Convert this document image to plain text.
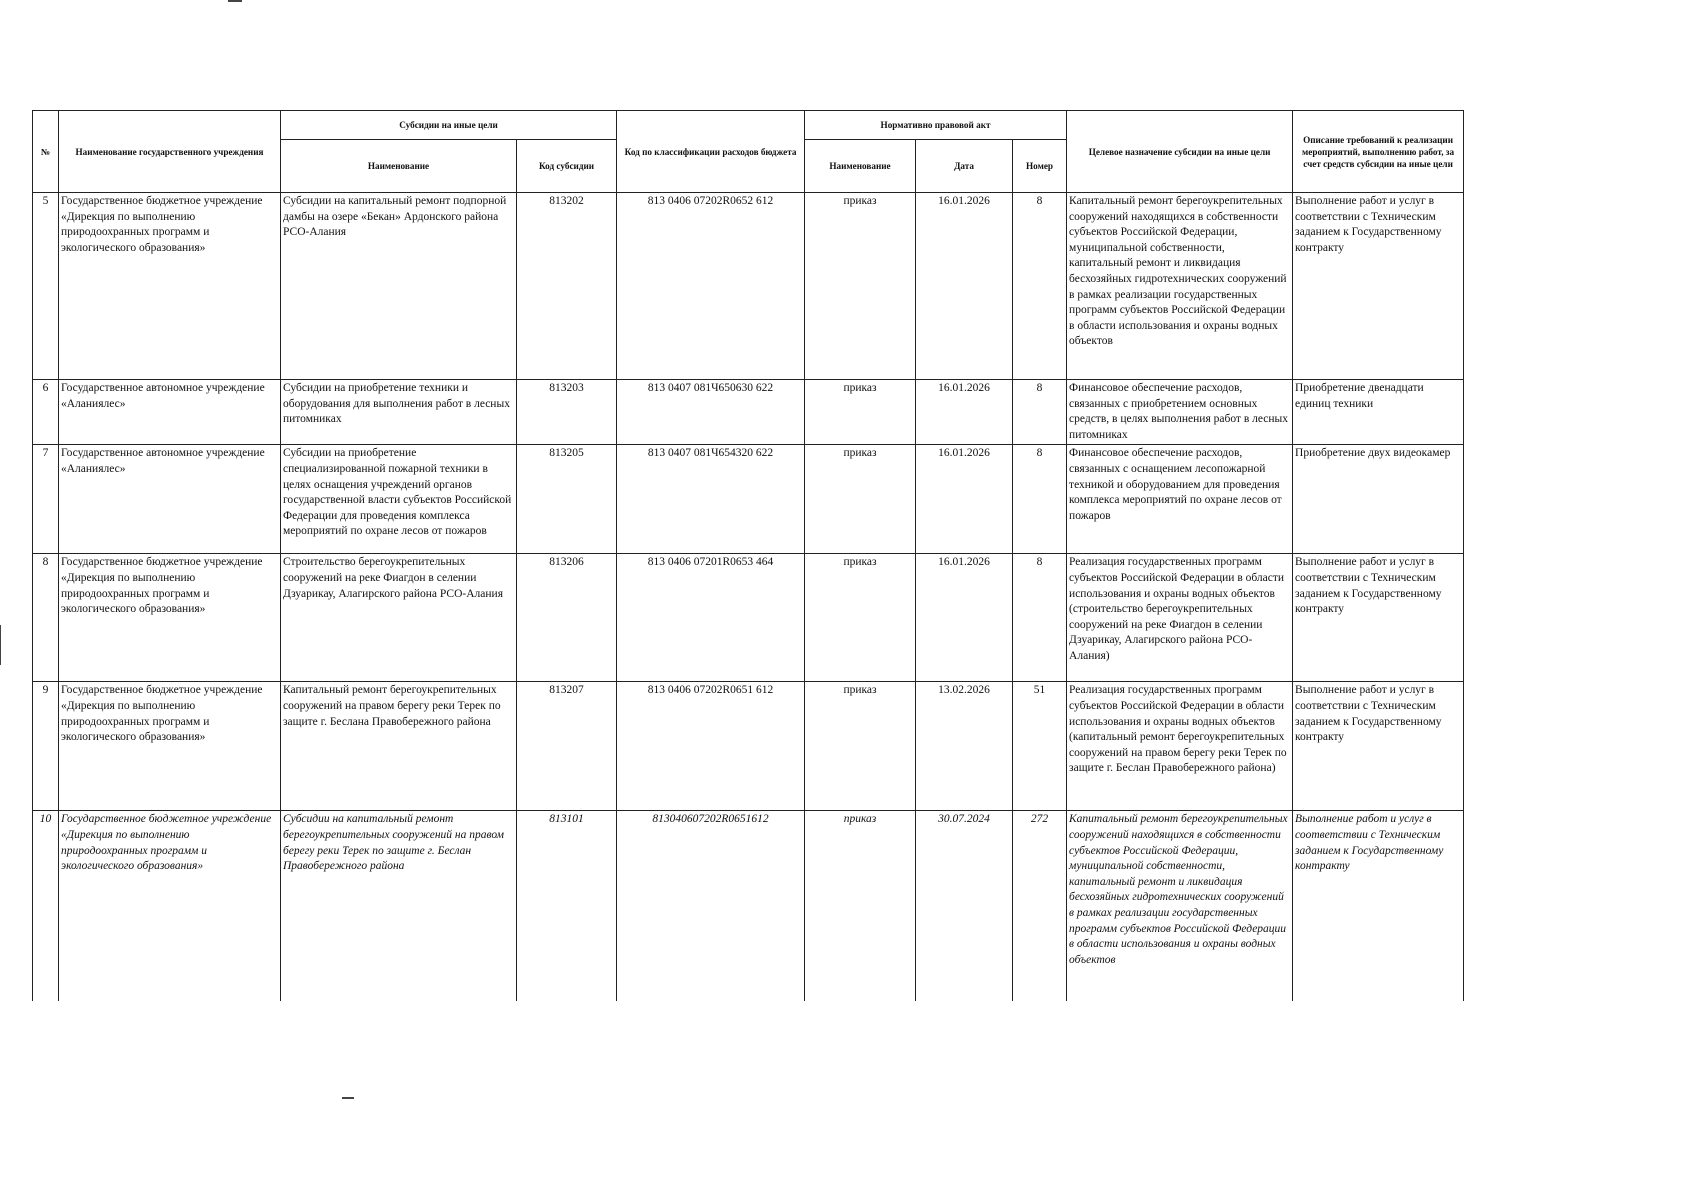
№	Наименование государственного учреждения	Субсидии на иные цели		Код по классификации расходов бюджета	Нормативно правовой акт			Целевое назначение субсидии на иные цели	Описание требований к реализации мероприятий, выполнению работ, за счет средств субсидии на иные цели
		Наименование	Код субсидии		Наименование	Дата	Номер		
5	Государственное бюджетное учреждение «Дирекция по выполнению природоохранных программ и экологического образования»	Субсидии на капитальный ремонт подпорной дамбы на озере «Бекан» Ардонского района РСО-Алания	813202	813 0406 07202R0652 612	приказ	16.01.2026	8	Капитальный ремонт берегоукрепительных сооружений находящихся в собственности субъектов Российской Федерации, муниципальной собственности, капитальный ремонт и ликвидация бесхозяйных гидротехнических сооружений в рамках реализации государственных программ субъектов Российской Федерации в области использования и охраны водных объектов	Выполнение работ и услуг в соответствии с Техническим заданием к Государственному контракту
6	Государственное автономное учреждение «Аланиялес»	Субсидии на приобретение техники и оборудования для выполнения работ в лесных питомниках	813203	813 0407 081Ч650630 622	приказ	16.01.2026	8	Финансовое обеспечение расходов, связанных с приобретением основных средств, в целях выполнения работ в лесных питомниках	Приобретение двенадцати единиц техники
7	Государственное автономное учреждение «Аланиялес»	Субсидии на приобретение специализированной пожарной техники в целях оснащения учреждений органов государственной власти субъектов Российской Федерации для проведения комплекса мероприятий по охране лесов от пожаров	813205	813 0407 081Ч654320 622	приказ	16.01.2026	8	Финансовое обеспечение расходов, связанных с оснащением лесопожарной техникой и оборудованием для проведения комплекса мероприятий по охране лесов от пожаров	Приобретение двух видеокамер
8	Государственное бюджетное учреждение «Дирекция по выполнению природоохранных программ и экологического образования»	Строительство берегоукрепительных сооружений на реке Фиагдон в селении Дзуарикау, Алагирского района РСО-Алания	813206	813 0406 07201R0653 464	приказ	16.01.2026	8	Реализация государственных программ субъектов Российской Федерации в области использования и охраны водных объектов (строительство берегоукрепительных сооружений на реке Фиагдон в селении Дзуарикау, Алагирского района РСО-Алания)	Выполнение работ и услуг в соответствии с Техническим заданием к Государственному контракту
9	Государственное бюджетное учреждение «Дирекция по выполнению природоохранных программ и экологического образования»	Капитальный ремонт берегоукрепительных сооружений на правом берегу реки Терек по защите г. Беслана Правобережного района	813207	813 0406 07202R0651 612	приказ	13.02.2026	51	Реализация государственных программ субъектов Российской Федерации в области использования и охраны водных объектов (капитальный ремонт берегоукрепительных сооружений на правом берегу реки Терек по защите г. Беслан Правобережного района)	Выполнение работ и услуг в соответствии с Техническим заданием к Государственному контракту
10	Государственное бюджетное учреждение «Дирекция по выполнению природоохранных программ и экологического образования»	Субсидии на капитальный ремонт берегоукрепительных сооружений на правом берегу реки Терек по защите г. Беслан Правобережного района	813101	813040607202R0651612	приказ	30.07.2024	272	Капитальный ремонт берегоукрепительных сооружений находящихся в собственности субъектов Российской Федерации, муниципальной собственности, капитальный ремонт и ликвидация бесхозяйных гидротехнических сооружений в рамках реализации государственных программ субъектов Российской Федерации в области использования и охраны водных объектов	Выполнение работ и услуг в соответствии с Техническим заданием к Государственному контракту
